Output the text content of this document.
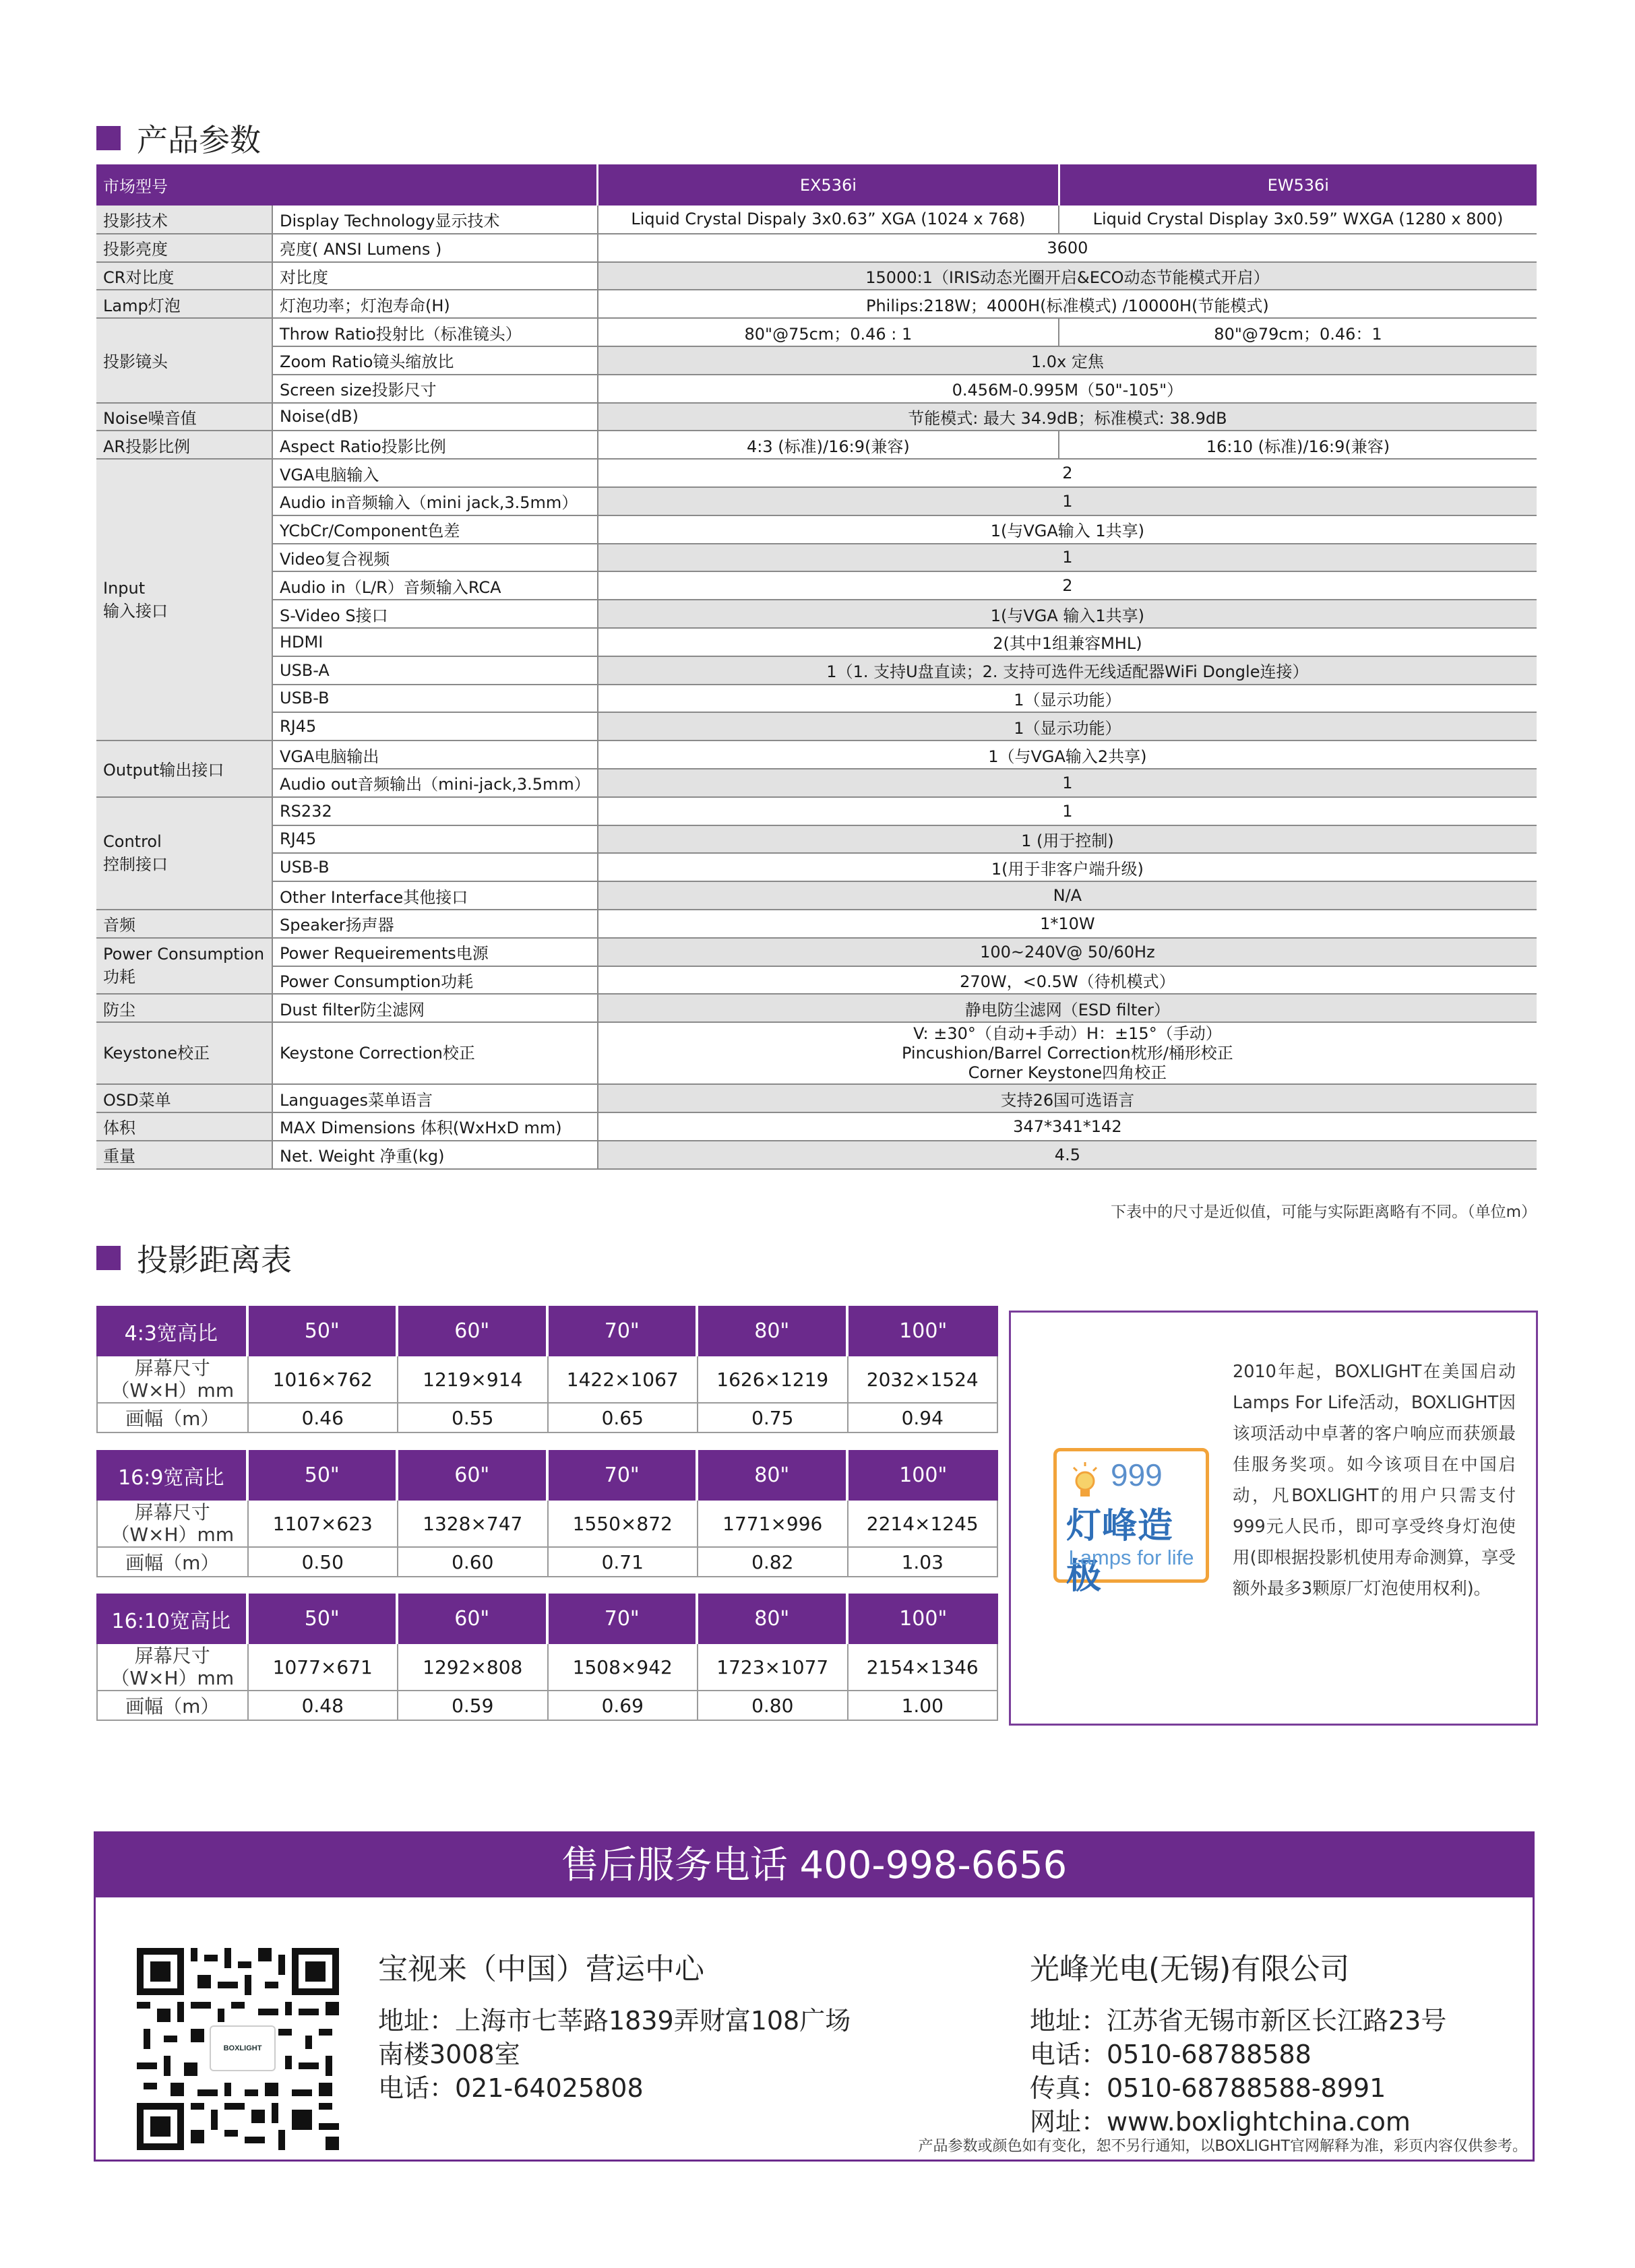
产品参数
市场型号		EX536i	EW536i
投影技术	Display Technology显示技术	Liquid Crystal Dispaly 3x0.63” XGA (1024 x 768)	Liquid Crystal Display 3x0.59” WXGA (1280 x 800)
投影亮度	亮度( ANSI Lumens )	3600	
CR对比度	对比度	15000:1（IRIS动态光圈开启&ECO动态节能模式开启）	
Lamp灯泡	灯泡功率；灯泡寿命(H)	Philips:218W；4000H(标准模式) /10000H(节能模式)	
投影镜头	Throw Ratio投射比（标准镜头）	80"@75cm；0.46 : 1	80"@79cm；0.46：1
	Zoom Ratio镜头缩放比	1.0x 定焦	
	Screen size投影尺寸	0.456M-0.995M（50"-105"）	
Noise噪音值	Noise(dB)	节能模式: 最大 34.9dB；标准模式: 38.9dB	
AR投影比例	Aspect Ratio投影比例	4:3 (标准)/16:9(兼容)	16:10 (标准)/16:9(兼容)

Input
输入接口	VGA电脑输入	2	
	Audio in音频输入（mini jack,3.5mm）	1	
	YCbCr/Component色差	1(与VGA输入 1共享)	
	Video复合视频	1	
	Audio in（L/R）音频输入RCA	2	
	S-Video S接口	1(与VGA 输入1共享)	
	HDMI	2(其中1组兼容MHL)	
	USB-A	1（1. 支持U盘直读；2. 支持可选件无线适配器WiFi Dongle连接）	
	USB-B	1（显示功能）	
	RJ45	1（显示功能）	
Output输出接口	VGA电脑输出	1（与VGA输入2共享)	
	Audio out音频输出（mini-jack,3.5mm）	1	

Control
控制接口	RS232	1	
	RJ45	1 (用于控制)	
	USB-B	1(用于非客户端升级)	
	Other Interface其他接口	N/A	
音频	Speaker扬声器	1*10W	

Power Consumption
功耗	Power Requeirements电源	100~240V@ 50/60Hz	
	Power Consumption功耗	270W，<0.5W（待机模式）	
防尘	Dust filter防尘滤网	静电防尘滤网（ESD filter）	
Keystone校正	Keystone Correction校正	V: ±30°（自动+手动）H：±15°（手动）
Pincushion/Barrel Correction枕形/桶形校正
Corner Keystone四角校正	

OSD菜单	Languages菜单语言	支持26国可选语言	
体积	MAX Dimensions 体积(WxHxD mm)	347*341*142	
重量	Net. Weight 净重(kg)	4.5	
下表中的尺寸是近似值，可能与实际距离略有不同。（单位m）
投影距离表
4:3宽高比	50"	60"	70"	80"	100"
屏幕尺寸
（W×H）mm	1016×762	1219×914	1422×1067	1626×1219	2032×1524
画幅（m）	0.46	0.55	0.65	0.75	0.94
16:9宽高比	50"	60"	70"	80"	100"
屏幕尺寸
（W×H）mm	1107×623	1328×747	1550×872	1771×996	2214×1245
画幅（m）	0.50	0.60	0.71	0.82	1.03
16:10宽高比	50"	60"	70"	80"	100"
屏幕尺寸
（W×H）mm	1077×671	1292×808	1508×942	1723×1077	2154×1346
画幅（m）	0.48	0.59	0.69	0.80	1.00
999
灯峰造极
Lamps for life
2010年起，BOXLIGHT在美国启动Lamps For Life活动，BOXLIGHT因该项活动中卓著的客户响应而获颁最佳服务奖项。如今该项目在中国启动，凡BOXLIGHT的用户只需支付999元人民币，即可享受终身灯泡使用(即根据投影机使用寿命测算，享受额外最多3颗原厂灯泡使用权利)。
售后服务电话 400-998-6656
BOXLIGHT
宝视来（中国）营运中心
地址：上海市七莘路1839弄财富108广场
南楼3008室
电话：021-64025808
光峰光电(无锡)有限公司
地址：江苏省无锡市新区长江路23号
电话：0510-68788588
传真：0510-68788588-8991
网址：www.boxlightchina.com
产品参数或颜色如有变化，恕不另行通知，以BOXLIGHT官网解释为准，彩页内容仅供参考。
